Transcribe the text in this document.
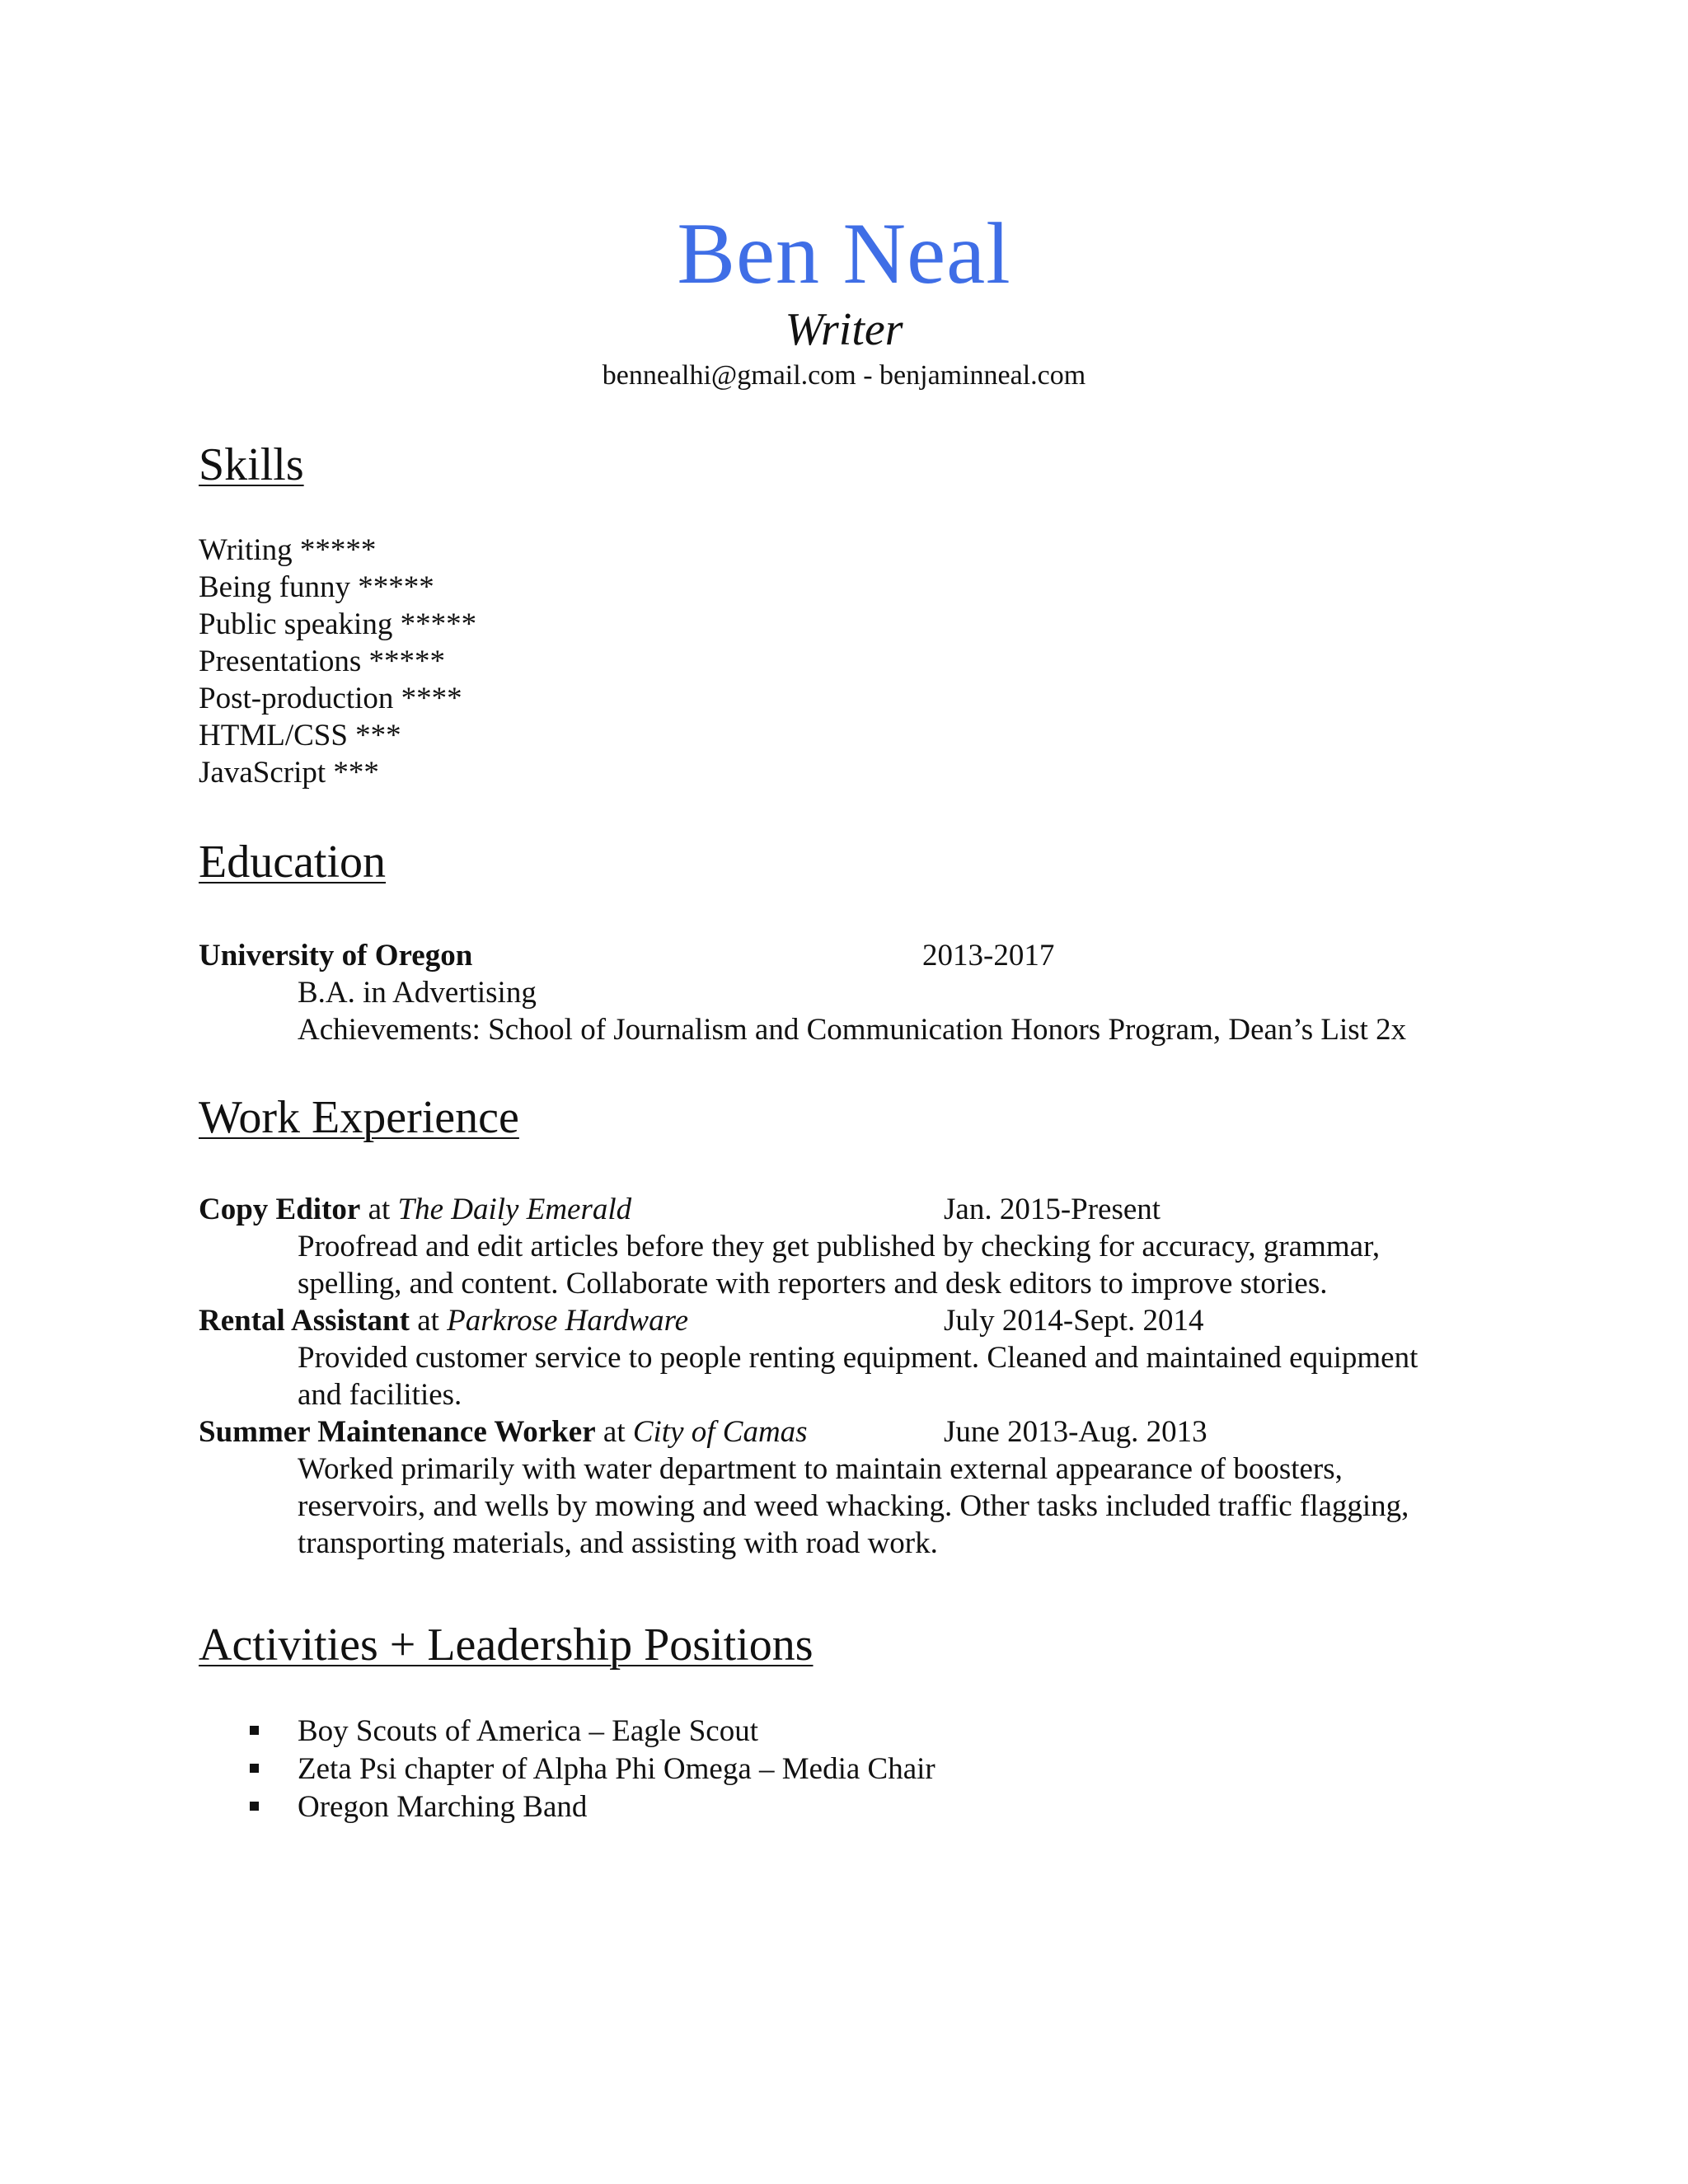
Ben Neal
Writer
bennealhi@gmail.com - benjaminneal.com
Skills
Writing *****
Being funny *****
Public speaking *****
Presentations *****
Post-production ****
HTML/CSS ***
JavaScript ***
Education
University of Oregon	2013-2017
B.A. in Advertising
Achievements: School of Journalism and Communication Honors Program, Dean’s List 2x
Work Experience
Copy Editor at The Daily Emerald	Jan. 2015-Present
Proofread and edit articles before they get published by checking for accuracy, grammar,
spelling, and content. Collaborate with reporters and desk editors to improve stories.
Rental Assistant at Parkrose Hardware	July 2014-Sept. 2014
Provided customer service to people renting equipment. Cleaned and maintained equipment
and facilities.
Summer Maintenance Worker at City of Camas	June 2013-Aug. 2013
Worked primarily with water department to maintain external appearance of boosters,
reservoirs, and wells by mowing and weed whacking. Other tasks included traffic flagging,
transporting materials, and assisting with road work.
Activities + Leadership Positions
Boy Scouts of America – Eagle Scout
Zeta Psi chapter of Alpha Phi Omega – Media Chair
Oregon Marching Band
